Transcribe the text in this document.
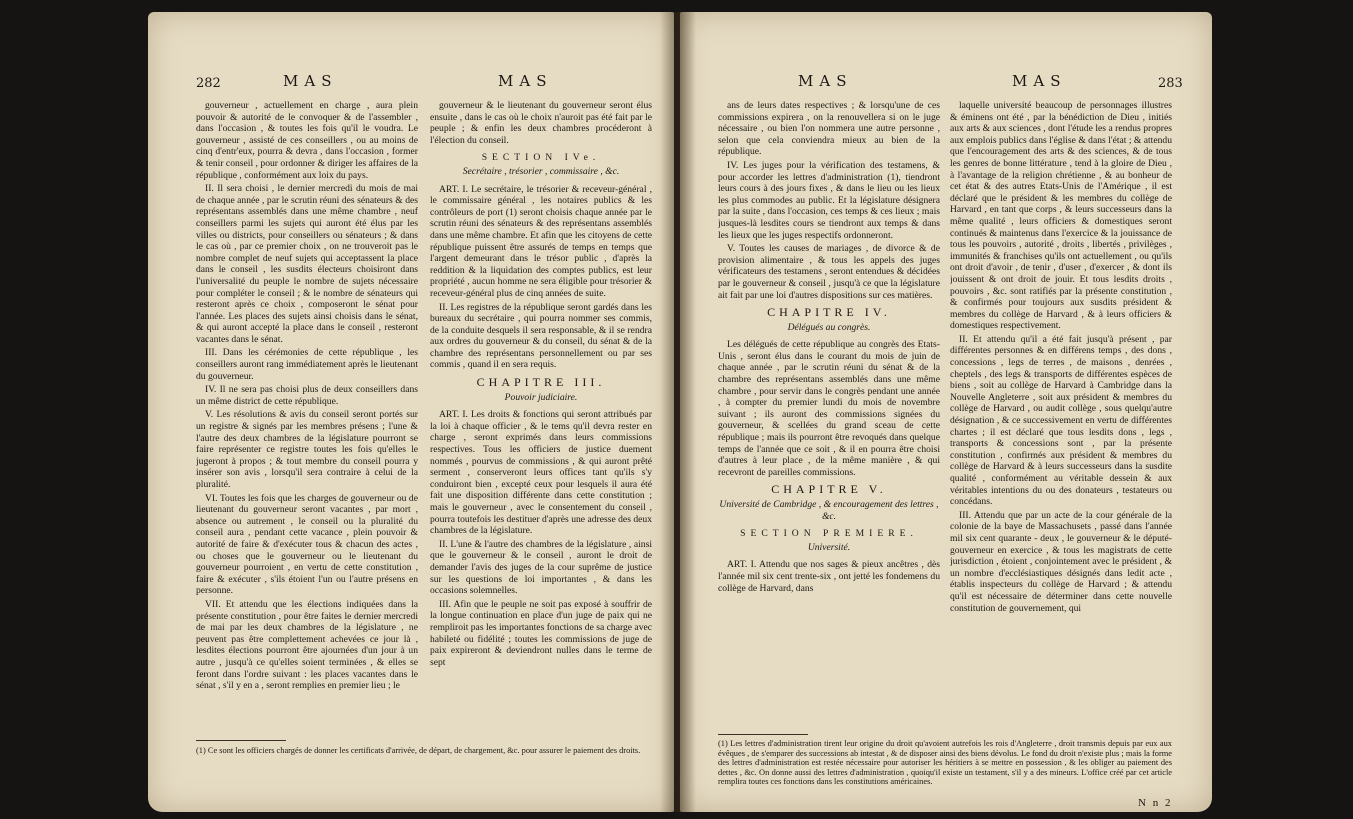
282	MAS	MAS

gouverneur , actuellement en charge , aura plein pouvoir & autorité de le convoquer & de l'assembler , dans l'occasion , & toutes les fois qu'il le voudra. Le gouverneur , assisté de ces conseillers , ou au moins de cinq d'entr'eux, pourra & devra , dans l'occasion , former & tenir conseil , pour ordonner & diriger les affaires de la république , conformément aux loix du pays.

II. Il sera choisi , le dernier mercredi du mois de mai de chaque année , par le scrutin réuni des sénateurs & des représentans assemblés dans une même chambre , neuf conseillers parmi les sujets qui auront été élus par les villes ou districts, pour conseillers ou sénateurs ; & dans le cas où , par ce premier choix , on ne trouveroit pas le nombre complet de neuf sujets qui acceptassent la place dans le conseil , les susdits électeurs choisiront dans l'universalité du peuple le nombre de sujets nécessaire pour compléter le conseil ; & le nombre de sénateurs qui resteront après ce choix , composeront le sénat pour l'année. Les places des sujets ainsi choisis dans le sénat, & qui auront accepté la place dans le conseil , resteront vacantes dans le sénat.

III. Dans les cérémonies de cette république , les conseillers auront rang immédiatement après le lieutenant du gouverneur.

IV. Il ne sera pas choisi plus de deux conseillers dans un même district de cette république.

V. Les résolutions & avis du conseil seront portés sur un registre & signés par les membres présens ; l'une & l'autre des deux chambres de la législature pourront se faire représenter ce registre toutes les fois qu'elles le jugeront à propos ; & tout membre du conseil pourra y insérer son avis , lorsqu'il sera contraire à celui de la pluralité.

VI. Toutes les fois que les charges de gouverneur ou de lieutenant du gouverneur seront vacantes , par mort , absence ou autrement , le conseil ou la pluralité du conseil aura , pendant cette vacance , plein pouvoir & autorité de faire & d'exécuter tous & chacun des actes , ou choses que le gouverneur ou le lieutenant du gouverneur pourroient , en vertu de cette constitution , faire & exécuter , s'ils étoient l'un ou l'autre présens en personne.

VII. Et attendu que les élections indiquées dans la présente constitution , pour être faites le dernier mercredi de mai par les deux chambres de la législature , ne peuvent pas être complettement achevées ce jour là , lesdites élections pourront être ajournées d'un jour à un autre , jusqu'à ce qu'elles soient terminées , & elles se feront dans l'ordre suivant : les places vacantes dans le sénat , s'il y en a , seront remplies en premier lieu ; le

gouverneur & le lieutenant du gouverneur seront élus ensuite , dans le cas où le choix n'auroit pas été fait par le peuple ; & enfin les deux chambres procéderont à l'élection du conseil.

SECTION IVe.
Secrétaire , trésorier , commissaire , &c.

ART. I. Le secrétaire, le trésorier & receveur-général , le commissaire général , les notaires publics & les contrôleurs de port (1) seront choisis chaque année par le scrutin réuni des sénateurs & des représentans assemblés dans une même chambre. Et afin que les citoyens de cette république puissent être assurés de temps en temps que l'argent demeurant dans le trésor public , d'après la reddition & la liquidation des comptes publics, est leur propriété , aucun homme ne sera éligible pour trésorier & receveur-général plus de cinq années de suite.

II. Les registres de la république seront gardés dans les bureaux du secrétaire , qui pourra nommer ses commis, de la conduite desquels il sera responsable, & il se rendra aux ordres du gouverneur & du conseil, du sénat & de la chambre des représentans personnellement ou par ses commis , quand il en sera requis.

CHAPITRE III.
Pouvoir judiciaire.

ART. I. Les droits & fonctions qui seront attribués par la loi à chaque officier , & le tems qu'il devra rester en charge , seront exprimés dans leurs commissions respectives. Tous les officiers de justice duement nommés , pourvus de commissions , & qui auront prêté serment , conserveront leurs offices tant qu'ils s'y conduiront bien , excepté ceux pour lesquels il aura été fait une disposition différente dans cette constitution ; mais le gouverneur , avec le consentement du conseil , pourra toutefois les destituer d'après une adresse des deux chambres de la législature.

II. L'une & l'autre des chambres de la législature , ainsi que le gouverneur & le conseil , auront le droit de demander l'avis des juges de la cour suprême de justice sur les questions de loi importantes , & dans les occasions solemnelles.

III. Afin que le peuple ne soit pas exposé à souffrir de la longue continuation en place d'un juge de paix qui ne rempliroit pas les importantes fonctions de sa charge avec habileté ou fidélité ; toutes les commissions de juge de paix expireront & deviendront nulles dans le terme de sept

(1) Ce sont les officiers chargés de donner les certificats d'arrivée, de départ, de chargement, &c. pour assurer le paiement des droits.
283
MAS	MAS

ans de leurs dates respectives ; & lorsqu'une de ces commissions expirera , on la renouvellera si on le juge nécessaire , ou bien l'on nommera une autre personne , selon que cela conviendra mieux au bien de la république.

IV. Les juges pour la vérification des testamens, & pour accorder les lettres d'administration (1), tiendront leurs cours à des jours fixes , & dans le lieu ou les lieux les plus commodes au public. Et la législature désignera par la suite , dans l'occasion, ces temps & ces lieux ; mais jusques-là lesdites cours se tiendront aux temps & dans les lieux que les juges respectifs ordonneront.

V. Toutes les causes de mariages , de divorce & de provision alimentaire , & tous les appels des juges vérificateurs des testamens , seront entendues & décidées par le gouverneur & conseil , jusqu'à ce que la législature ait fait par une loi d'autres dispositions sur ces matières.

CHAPITRE IV.
Délégués au congrès.

Les délégués de cette république au congrès des Etats-Unis , seront élus dans le courant du mois de juin de chaque année , par le scrutin réuni du sénat & de la chambre des représentans assemblés dans une même chambre , pour servir dans le congrès pendant une année , à compter du premier lundi du mois de novembre suivant ; ils auront des commissions signées du gouverneur, & scellées du grand sceau de cette république ; mais ils pourront être revoqués dans quelque temps de l'année que ce soit , & il en pourra être choisi d'autres à leur place , de la même manière , & qui recevront de pareilles commissions.

CHAPITRE V.
Université de Cambridge , & encouragement des lettres , &c.
SECTION PREMIERE.
Université.

ART. I. Attendu que nos sages & pieux ancêtres , dès l'année mil six cent trente-six , ont jetté les fondemens du collège de Harvard, dans

laquelle université beaucoup de personnages illustres & éminens ont été , par la bénédiction de Dieu , initiés aux arts & aux sciences , dont l'étude les a rendus propres aux emplois publics dans l'église & dans l'état ; & attendu que l'encouragement des arts & des sciences, & de tous les genres de bonne littérature , tend à la gloire de Dieu , à l'avantage de la religion chrétienne , & au bonheur de cet état & des autres Etats-Unis de l'Amérique , il est déclaré que le président & les membres du collège de Harvard , en tant que corps , & leurs successeurs dans la même qualité , leurs officiers & domestiques seront continués & maintenus dans l'exercice & la jouissance de tous les pouvoirs , autorité , droits , libertés , privilèges , immunités & franchises qu'ils ont actuellement , ou qu'ils ont droit d'avoir , de tenir , d'user , d'exercer , & dont ils jouissent & ont droit de jouir. Et tous lesdits droits , pouvoirs , &c. sont ratifiés par la présente constitution , & confirmés pour toujours aux susdits président & membres du collège de Harvard , & à leurs officiers & domestiques respectivement.

II. Et attendu qu'il a été fait jusqu'à présent , par différentes personnes & en différens temps , des dons , concessions , legs de terres , de maisons , denrées , cheptels , des legs & transports de différentes espèces de biens , soit au collège de Harvard à Cambridge dans la Nouvelle Angleterre , soit aux président & membres du collège de Harvard , ou audit collège , sous quelqu'autre désignation , & ce successivement en vertu de différentes chartes ; il est déclaré que tous lesdits dons , legs , transports & concessions sont , par la présente constitution , confirmés aux président & membres du collège de Harvard & à leurs successeurs dans la susdite qualité , conformément au véritable dessein & aux véritables intentions du ou des donateurs , testateurs ou concédans.

III. Attendu que par un acte de la cour générale de la colonie de la baye de Massachusets , passé dans l'année mil six cent quarante - deux , le gouverneur & le député-gouverneur en exercice , & tous les magistrats de cette jurisdiction , étoient , conjointement avec le président , & un nombre d'ecclésiastiques désignés dans ledit acte , établis inspecteurs du collège de Harvard ; & attendu qu'il est nécessaire de déterminer dans cette nouvelle constitution de gouvernement, qui

(1) Les lettres d'administration tirent leur origine du droit qu'avoient autrefois les rois d'Angleterre , droit transmis depuis par eux aux évêques , de s'emparer des successions ab intestat , & de disposer ainsi des biens dévolus. Le fond du droit n'existe plus ; mais la forme des lettres d'administration est restée nécessaire pour autoriser les héritiers à se mettre en possession , & les obliger au paiement des dettes , &c. On donne aussi des lettres d'administration , quoiqu'il existe un testament, s'il y a des mineurs. L'office créé par cet article remplira toutes ces fonctions dans les constitutions américaines.
N n 2
